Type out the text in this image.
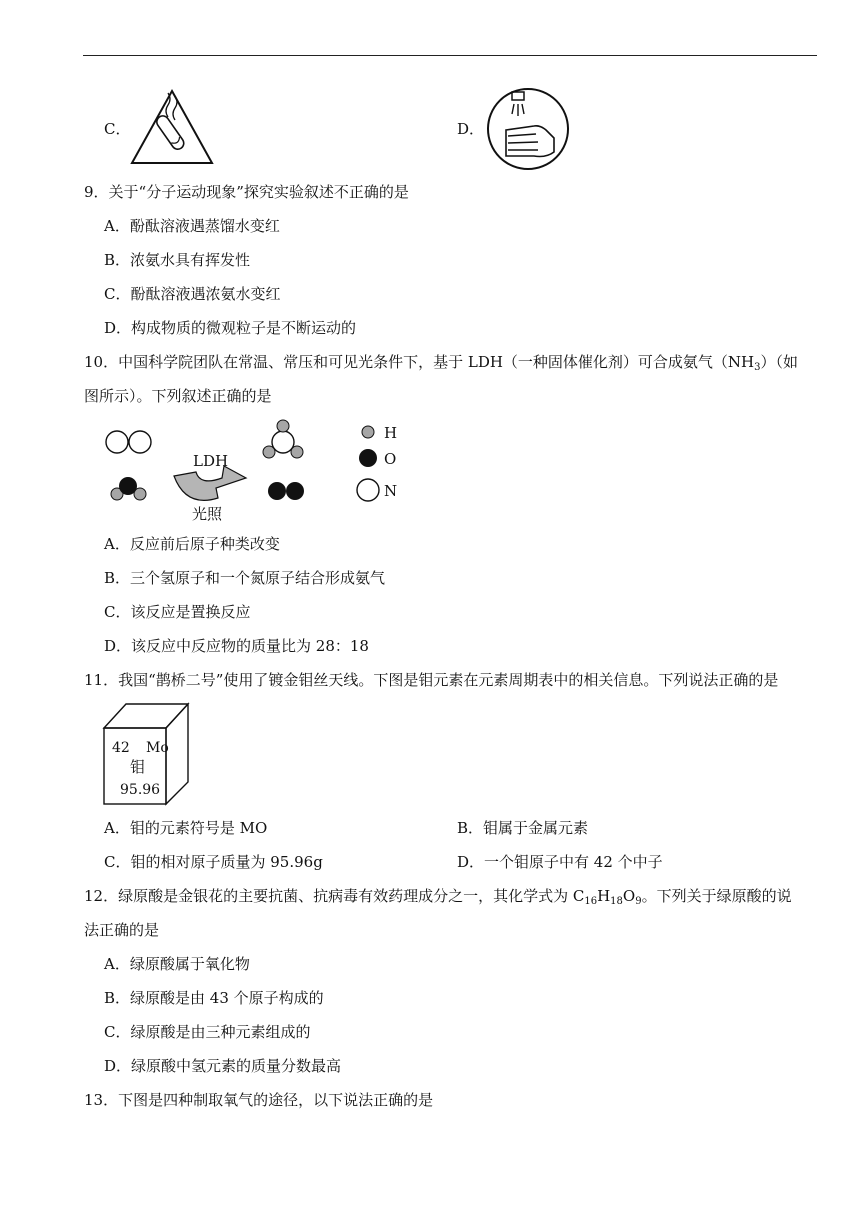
C．	D．
9．关于“分子运动现象”探究实验叙述不正确的是
A．酚酞溶液遇蒸馏水变红
B．浓氨水具有挥发性
C．酚酞溶液遇浓氨水变红
D．构成物质的微观粒子是不断运动的
10．中国科学院团队在常温、常压和可见光条件下，基于 LDH（一种固体催化剂）可合成氨气$(NH_3)$（如
图所示）。下列叙述正确的是
LDH
光照
H
O
N
A．反应前后原子种类改变
B．三个氢原子和一个氮原子结合形成氨气
C．该反应是置换反应
D．该反应中反应物的质量比为 28：18
11．我国“鹊桥二号”使用了镀金钼丝天线。下图是钼元素在元素周期表中的相关信息。下列说法正确的是
42 Mo
钼
95.96
A．钼的元素符号是 MO	B．钼属于金属元素
C．钼的相对原子质量为 95.96g	D．一个钼原子中有 42 个中子
12．绿原酸是金银花的主要抗菌、抗病毒有效药理成分之一，其化学式为 $C_{16}H_{18}O_9$。下列关于绿原酸的说
法正确的是
A．绿原酸属于氧化物
B．绿原酸是由 43 个原子构成的
C．绿原酸是由三种元素组成的
D．绿原酸中氢元素的质量分数最高
13．下图是四种制取氧气的途径，以下说法正确的是
